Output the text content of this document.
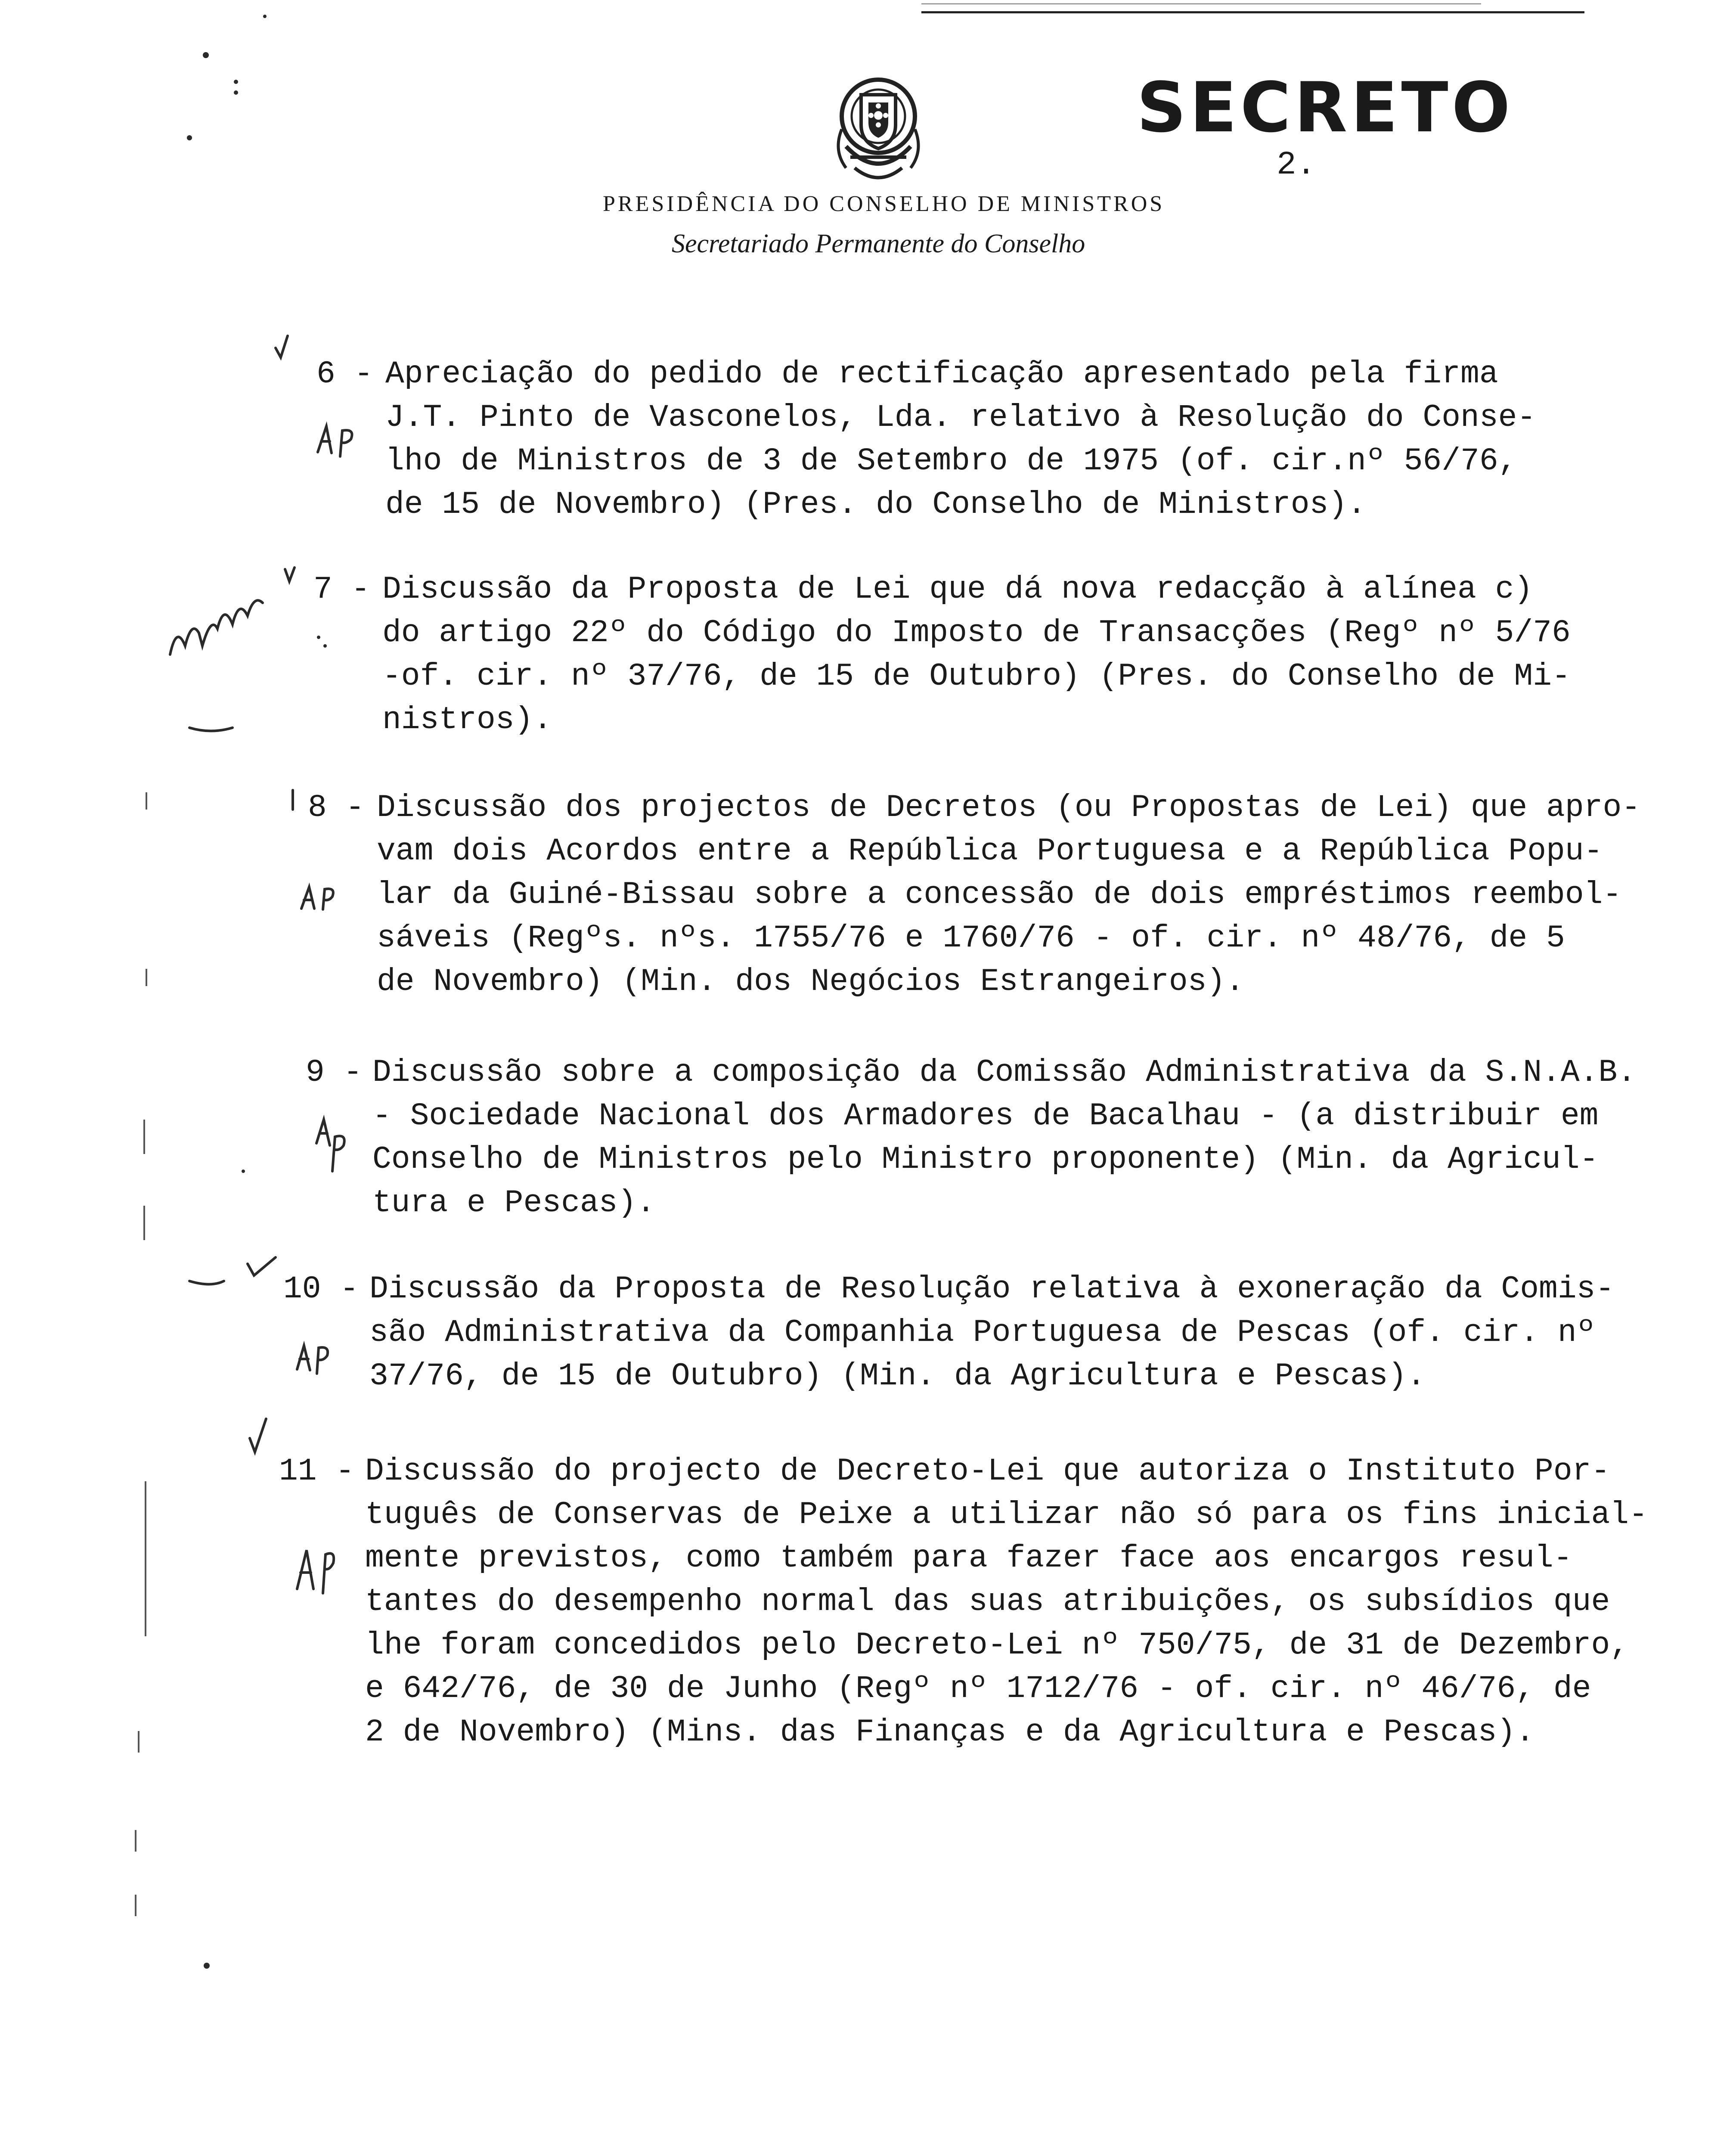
SECRETO
2.
PRESIDÊNCIA DO CONSELHO DE MINISTROS
Secretariado Permanente do Conselho
6 - Apreciação do pedido de rectificação apresentado pela firma
J.T. Pinto de Vasconelos, Lda. relativo à Resolução do Conse-
lho de Ministros de 3 de Setembro de 1975 (of. cir.nº 56/76,
de 15 de Novembro) (Pres. do Conselho de Ministros).
7 - Discussão da Proposta de Lei que dá nova redacção à alínea c)
do artigo 22º do Código do Imposto de Transacções (Regº nº 5/76
-of. cir. nº 37/76, de 15 de Outubro) (Pres. do Conselho de Mi-
nistros).
8 - Discussão dos projectos de Decretos (ou Propostas de Lei) que apro-
vam dois Acordos entre a República Portuguesa e a República Popu-
lar da Guiné-Bissau sobre a concessão de dois empréstimos reembol-
sáveis (Regºs. nºs. 1755/76 e 1760/76 - of. cir. nº 48/76, de 5
de Novembro) (Min. dos Negócios Estrangeiros).
9 - Discussão sobre a composição da Comissão Administrativa da S.N.A.B.
- Sociedade Nacional dos Armadores de Bacalhau - (a distribuir em
Conselho de Ministros pelo Ministro proponente) (Min. da Agricul-
tura e Pescas).
10 - Discussão da Proposta de Resolução relativa à exoneração da Comis-
são Administrativa da Companhia Portuguesa de Pescas (of. cir. nº
37/76, de 15 de Outubro) (Min. da Agricultura e Pescas).
11 - Discussão do projecto de Decreto-Lei que autoriza o Instituto Por-
tuguês de Conservas de Peixe a utilizar não só para os fins inicial-
mente previstos, como também para fazer face aos encargos resul-
tantes do desempenho normal das suas atribuições, os subsídios que
lhe foram concedidos pelo Decreto-Lei nº 750/75, de 31 de Dezembro,
e 642/76, de 30 de Junho (Regº nº 1712/76 - of. cir. nº 46/76, de
2 de Novembro) (Mins. das Finanças e da Agricultura e Pescas).
